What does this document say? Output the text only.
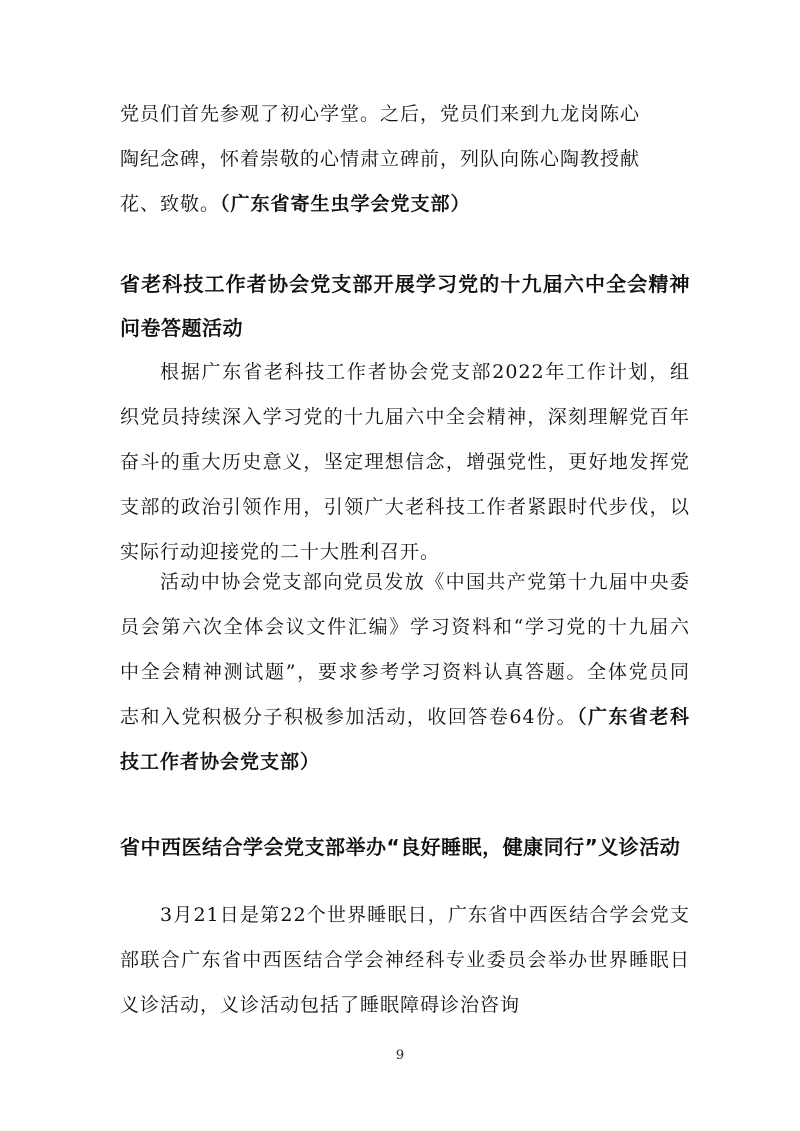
党员们首先参观了初心学堂。之后，党员们来到九龙岗陈心
陶纪念碑，怀着崇敬的心情肃立碑前，列队向陈心陶教授献
花、致敬。（广东省寄生虫学会党支部）
省老科技工作者协会党支部开展学习党的十九届六中全会精神问卷答题活动
根据广东省老科技工作者协会党支部2022年工作计划，组织党员持续深入学习党的十九届六中全会精神，深刻理解党百年奋斗的重大历史意义，坚定理想信念，增强党性，更好地发挥党支部的政治引领作用，引领广大老科技工作者紧跟时代步伐，以实际行动迎接党的二十大胜利召开。
活动中协会党支部向党员发放《中国共产党第十九届中央委员会第六次全体会议文件汇编》学习资料和“学习党的十九届六中全会精神测试题”，要求参考学习资料认真答题。全体党员同志和入党积极分子积极参加活动，收回答卷64份。（广东省老科技工作者协会党支部）
省中西医结合学会党支部举办“良好睡眠，健康同行”义诊活动
3月21日是第22个世界睡眠日，广东省中西医结合学会党支部联合广东省中西医结合学会神经科专业委员会举办世界睡眠日义诊活动，义诊活动包括了睡眠障碍诊治咨询
9
